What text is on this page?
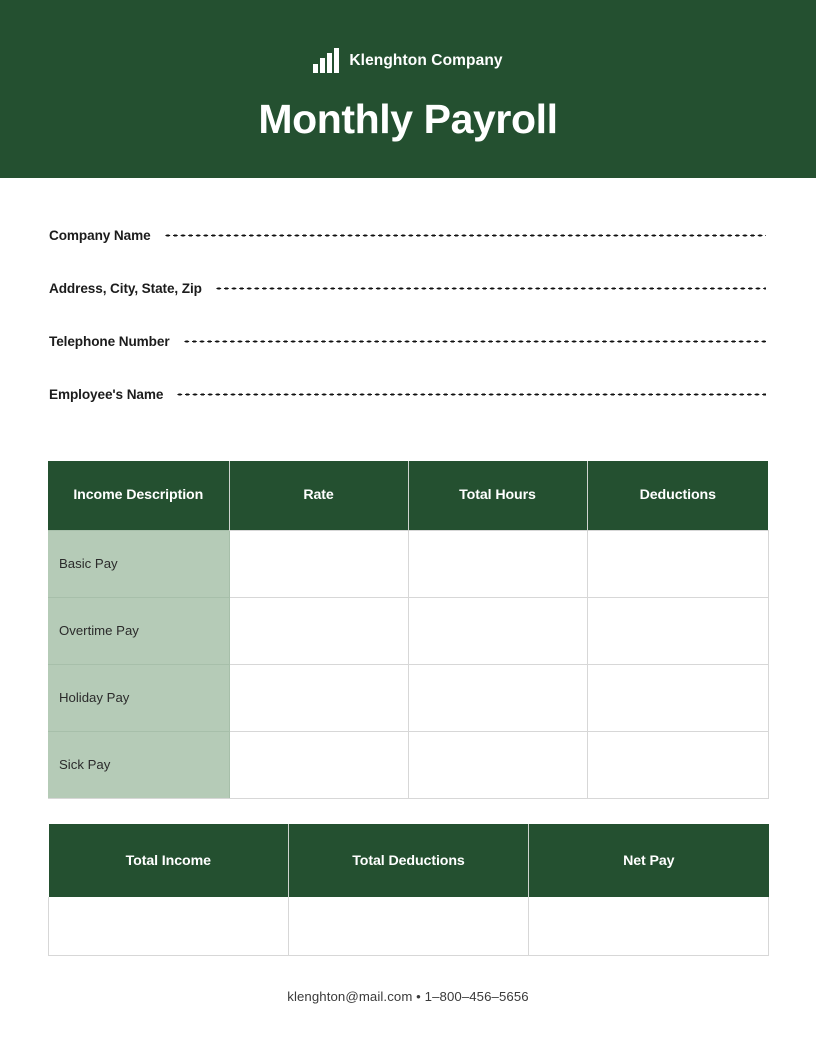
Klenghton Company
Monthly Payroll
Company Name
Address, City, State, Zip
Telephone Number
Employee's Name
Income Description	Rate	Total Hours	Deductions
Basic Pay			
Overtime Pay			
Holiday Pay			
Sick Pay			
Total Income	Total Deductions	Net Pay

klenghton@mail.com • 1–800–456–5656
